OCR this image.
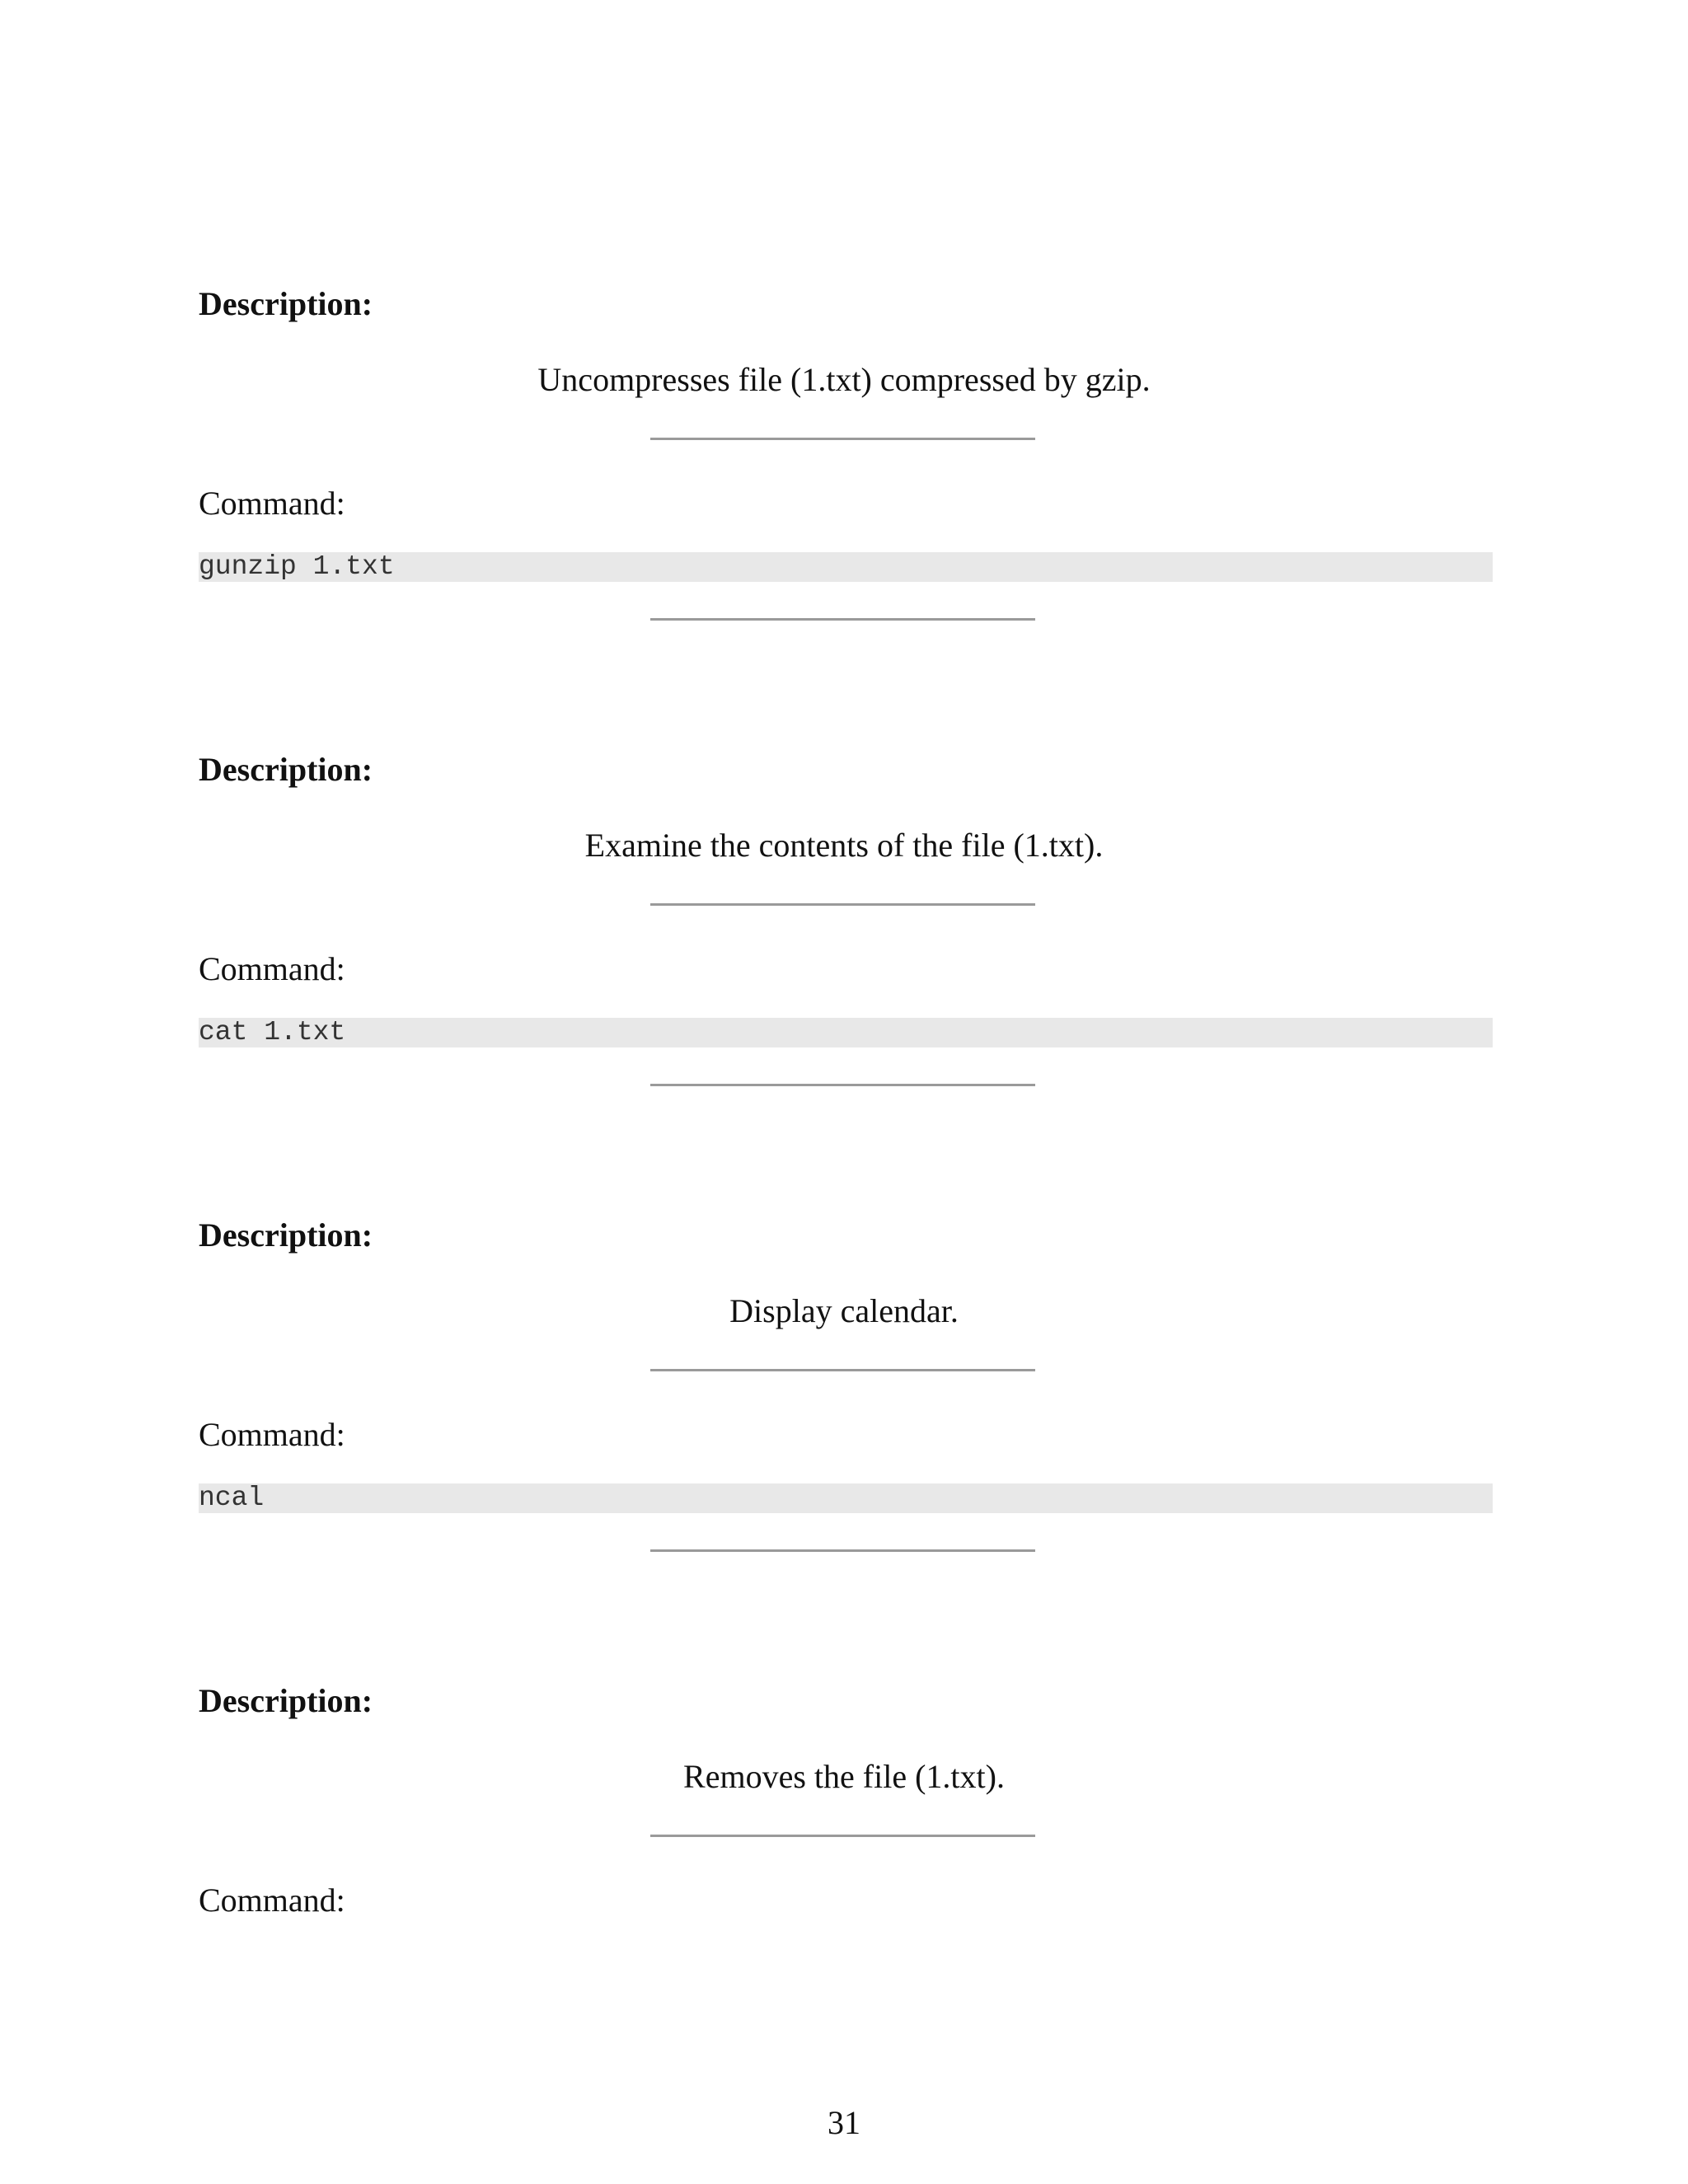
Description:
Uncompresses file (1.txt) compressed by gzip.
Command:
gunzip 1.txt
Description:
Examine the contents of the file (1.txt).
Command:
cat 1.txt
Description:
Display calendar.
Command:
ncal
Description:
Removes the file (1.txt).
Command:
31
